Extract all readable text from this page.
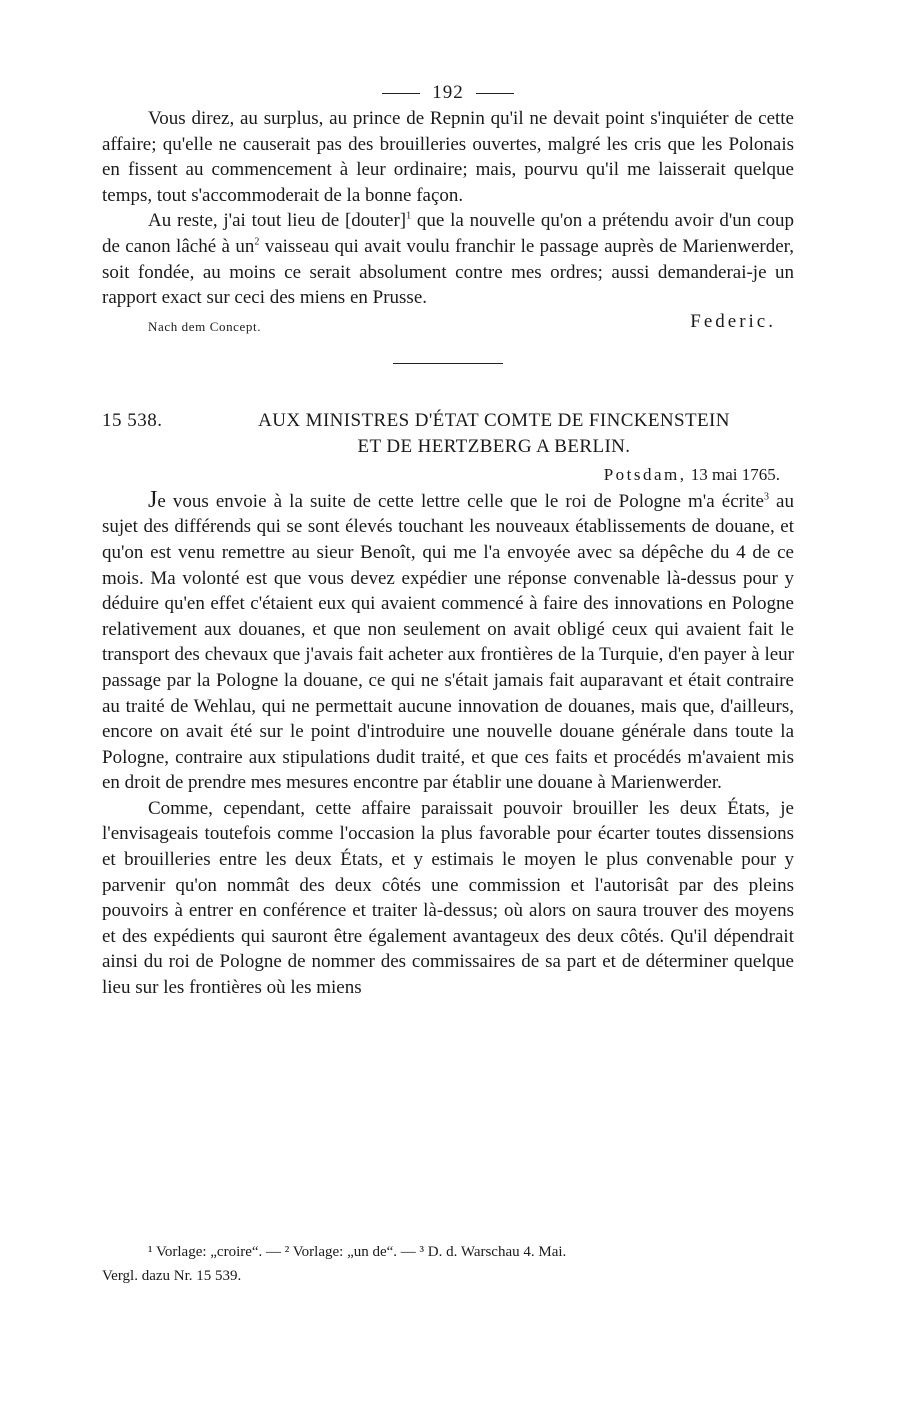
192

Vous direz, au surplus, au prince de Repnin qu'il ne devait point s'inquiéter de cette affaire; qu'elle ne causerait pas des brouilleries ouvertes, malgré les cris que les Polonais en fissent au commencement à leur ordinaire; mais, pourvu qu'il me laisserait quelque temps, tout s'accommoderait de la bonne façon.

Au reste, j'ai tout lieu de [douter]$^1$ que la nouvelle qu'on a prétendu avoir d'un coup de canon lâché à $un^2$ vaisseau qui avait voulu franchir le passage auprès de Marienwerder, soit fondée, au moins ce serait absolument contre mes ordres; aussi demanderai-je un rapport exact sur ceci des miens en Prusse.

Nach dem Concept.	Federic.
15 538.	AUX MINISTRES D'ÉTAT COMTE DE FINCKENSTEIN
ET DE HERTZBERG A BERLIN.
Potsdam, 13 mai 1765.

Je vous envoie à la suite de cette lettre celle que le roi de Pologne m'a écrite$^3$ au sujet des différends qui se sont élevés touchant les nouveaux établissements de douane, et qu'on est venu remettre au sieur Benoît, qui me l'a envoyée avec sa dépêche du 4 de ce mois. Ma volonté est que vous devez expédier une réponse convenable là-dessus pour y déduire qu'en effet c'étaient eux qui avaient commencé à faire des innovations en Pologne relativement aux douanes, et que non seulement on avait obligé ceux qui avaient fait le transport des chevaux que j'avais fait acheter aux frontières de la Turquie, d'en payer à leur passage par la Pologne la douane, ce qui ne s'était jamais fait auparavant et était contraire au traité de Wehlau, qui ne permettait aucune innovation de douanes, mais que, d'ailleurs, encore on avait été sur le point d'introduire une nouvelle douane générale dans toute la Pologne, contraire aux stipulations dudit traité, et que ces faits et procédés m'avaient mis en droit de prendre mes mesures encontre par établir une douane à Marienwerder.

Comme, cependant, cette affaire paraissait pouvoir brouiller les deux États, je l'envisageais toutefois comme l'occasion la plus favorable pour écarter toutes dissensions et brouilleries entre les deux États, et y estimais le moyen le plus convenable pour y parvenir qu'on nommât des deux côtés une commission et l'autorisât par des pleins pouvoirs à entrer en conférence et traiter là-dessus; où alors on saura trouver des moyens et des expédients qui sauront être également avantageux des deux côtés. Qu'il dépendrait ainsi du roi de Pologne de nommer des commissaires de sa part et de déterminer quelque lieu sur les frontières où les miens

¹ Vorlage: „croire“. — ² Vorlage: „un de“. — ³ D. d. Warschau 4. Mai.
Vergl. dazu Nr. 15 539.
